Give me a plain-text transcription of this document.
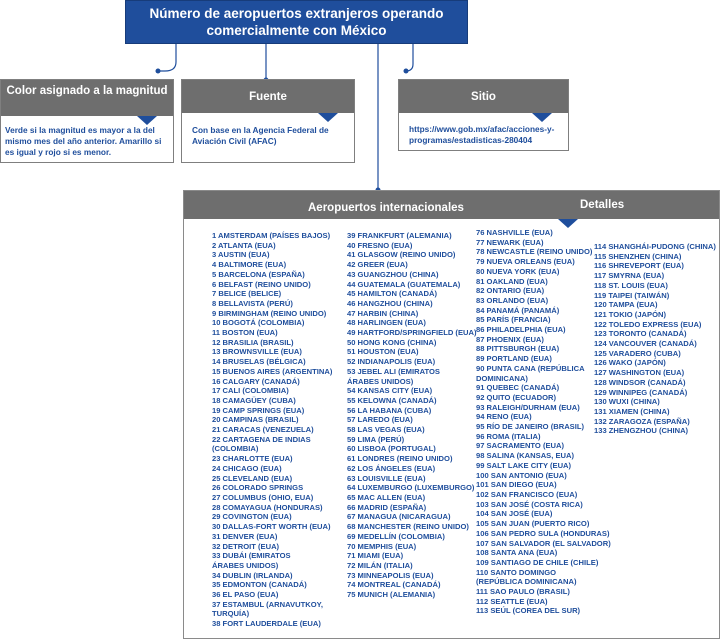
Número de aeropuertos extranjeros operando comercialmente con México
Color asignado a la magnitud
Verde si la magnitud es mayor a la del mismo mes del año anterior. Amarillo si es igual y rojo si es menor.
Fuente
Con base en la Agencia Federal de Aviación Civil (AFAC)
Sitio
https://www.gob.mx/afac/acciones-y-programas/estadisticas-280404
Aeropuertos internacionales	Detalles
1 AMSTERDAM (PAÍSES BAJOS)
2 ATLANTA (EUA)
3 AUSTIN (EUA)
4 BALTIMORE (EUA)
5 BARCELONA (ESPAÑA)
6 BELFAST (REINO UNIDO)
7 BELICE (BELICE)
8 BELLAVISTA (PERÚ)
9 BIRMINGHAM (REINO UNIDO)
10 BOGOTÁ (COLOMBIA)
11 BOSTON (EUA)
12 BRASILIA (BRASIL)
13 BROWNSVILLE (EUA)
14 BRUSELAS (BÉLGICA)
15 BUENOS AIRES (ARGENTINA)
16 CALGARY (CANADÁ)
17 CALI (COLOMBIA)
18 CAMAGÜEY (CUBA)
19 CAMP SPRINGS (EUA)
20 CAMPINAS (BRASIL)
21 CARACAS (VENEZUELA)
22 CARTAGENA DE INDIAS (COLOMBIA)
23 CHARLOTTE (EUA)
24 CHICAGO (EUA)
25 CLEVELAND (EUA)
26 COLORADO SPRINGS
27 COLUMBUS (OHIO, EUA)
28 COMAYAGUA (HONDURAS)
29 COVINGTON (EUA)
30 DALLAS-FORT WORTH (EUA)
31 DENVER (EUA)
32 DETROIT (EUA)
33 DUBÁI (EMIRATOS ÁRABES UNIDOS)
34 DUBLIN (IRLANDA)
35 EDMONTON (CANADÁ)
36 EL PASO (EUA)
37 ESTAMBUL (ARNAVUTKOY, TURQUÍA)
38 FORT LAUDERDALE (EUA)
39 FRANKFURT (ALEMANIA)
40 FRESNO (EUA)
41 GLASGOW (REINO UNIDO)
42 GREER (EUA)
43 GUANGZHOU (CHINA)
44 GUATEMALA (GUATEMALA)
45 HAMILTON (CANADÁ)
46 HANGZHOU (CHINA)
47 HARBIN (CHINA)
48 HARLINGEN (EUA)
49 HARTFORD/SPRINGFIELD (EUA)
50 HONG KONG (CHINA)
51 HOUSTON (EUA)
52 INDIANAPOLIS (EUA)
53 JEBEL ALI (EMIRATOS ÁRABES UNIDOS)
54 KANSAS CITY (EUA)
55 KELOWNA (CANADÁ)
56 LA HABANA (CUBA)
57 LAREDO (EUA)
58 LAS VEGAS (EUA)
59 LIMA (PERÚ)
60 LISBOA (PORTUGAL)
61 LONDRES (REINO UNIDO)
62 LOS ÁNGELES (EUA)
63 LOUISVILLE (EUA)
64 LUXEMBURGO (LUXEMBURGO)
65 MAC ALLEN (EUA)
66 MADRID (ESPAÑA)
67 MANAGUA (NICARAGUA)
68 MANCHESTER (REINO UNIDO)
69 MEDELLÍN (COLOMBIA)
70 MEMPHIS (EUA)
71 MIAMI (EUA)
72 MILÁN (ITALIA)
73 MINNEAPOLIS (EUA)
74 MONTREAL (CANADÁ)
75 MUNICH (ALEMANIA)
76 NASHVILLE (EUA)
77 NEWARK (EUA)
78 NEWCASTLE (REINO UNIDO)
79 NUEVA ORLEANS (EUA)
80 NUEVA YORK (EUA)
81 OAKLAND (EUA)
82 ONTARIO (EUA)
83 ORLANDO (EUA)
84 PANAMÁ (PANAMÁ)
85 PARÍS (FRANCIA)
86 PHILADELPHIA (EUA)
87 PHOENIX (EUA)
88 PITTSBURGH (EUA)
89 PORTLAND (EUA)
90 PUNTA CANA (REPÚBLICA DOMINICANA)
91 QUEBEC (CANADÁ)
92 QUITO (ECUADOR)
93 RALEIGH/DURHAM (EUA)
94 RENO (EUA)
95 RÍO DE JANEIRO (BRASIL)
96 ROMA (ITALIA)
97 SACRAMENTO (EUA)
98 SALINA (KANSAS, EUA)
99 SALT LAKE CITY (EUA)
100 SAN ANTONIO (EUA)
101 SAN DIEGO (EUA)
102 SAN FRANCISCO (EUA)
103 SAN JOSÉ (COSTA RICA)
104 SAN JOSÉ (EUA)
105 SAN JUAN (PUERTO RICO)
106 SAN PEDRO SULA (HONDURAS)
107 SAN SALVADOR (EL SALVADOR)
108 SANTA ANA (EUA)
109 SANTIAGO DE CHILE (CHILE)
110 SANTO DOMINGO (REPÚBLICA DOMINICANA)
111 SAO PAULO (BRASIL)
112 SEATTLE (EUA)
113 SEÚL (COREA DEL SUR)
114 SHANGHÁI-PUDONG (CHINA)
115 SHENZHEN (CHINA)
116 SHREVEPORT (EUA)
117 SMYRNA (EUA)
118 ST. LOUIS (EUA)
119 TAIPEI (TAIWÁN)
120 TAMPA (EUA)
121 TOKIO (JAPÓN)
122 TOLEDO EXPRESS (EUA)
123 TORONTO (CANADÁ)
124 VANCOUVER (CANADÁ)
125 VARADERO (CUBA)
126 WAKO (JAPÓN)
127 WASHINGTON (EUA)
128 WINDSOR (CANADÁ)
129 WINNIPEG (CANADÁ)
130 WUXI (CHINA)
131 XIAMEN (CHINA)
132 ZARAGOZA (ESPAÑA)
133 ZHENGZHOU (CHINA)
